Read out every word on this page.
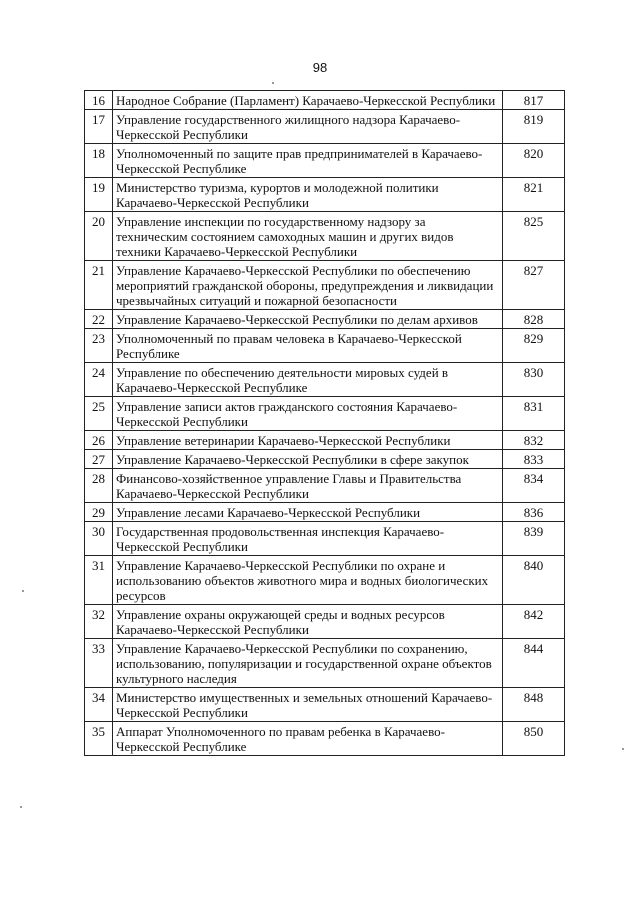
98
16	Народное Собрание (Парламент) Карачаево-Черкесской Республики	817
17	Управление государственного жилищного надзора Карачаево-Черкесской Республики	819
18	Уполномоченный по защите прав предпринимателей в Карачаево-Черкесской Республике	820
19	Министерство туризма, курортов и молодежной политики Карачаево-Черкесской Республики	821
20	Управление инспекции по государственному надзору за техническим состоянием самоходных машин и других видов техники Карачаево-Черкесской Республики	825
21	Управление Карачаево-Черкесской Республики по обеспечению мероприятий гражданской обороны, предупреждения и ликвидации чрезвычайных ситуаций и пожарной безопасности	827
22	Управление Карачаево-Черкесской Республики по делам архивов	828
23	Уполномоченный по правам человека в Карачаево-Черкесской Республике	829
24	Управление по обеспечению деятельности мировых судей в Карачаево-Черкесской Республике	830
25	Управление записи актов гражданского состояния Карачаево-Черкесской Республики	831
26	Управление ветеринарии Карачаево-Черкесской Республики	832
27	Управление Карачаево-Черкесской Республики в сфере закупок	833
28	Финансово-хозяйственное управление Главы и Правительства Карачаево-Черкесской Республики	834
29	Управление лесами Карачаево-Черкесской Республики	836
30	Государственная продовольственная инспекция Карачаево-Черкесской Республики	839
31	Управление Карачаево-Черкесской Республики по охране и использованию объектов животного мира и водных биологических ресурсов	840
32	Управление охраны окружающей среды и водных ресурсов Карачаево-Черкесской Республики	842
33	Управление Карачаево-Черкесской Республики по сохранению, использованию, популяризации и государственной охране объектов культурного наследия	844
34	Министерство имущественных и земельных отношений Карачаево-Черкесской Республики	848
35	Аппарат Уполномоченного по правам ребенка в Карачаево-Черкесской Республике	850
